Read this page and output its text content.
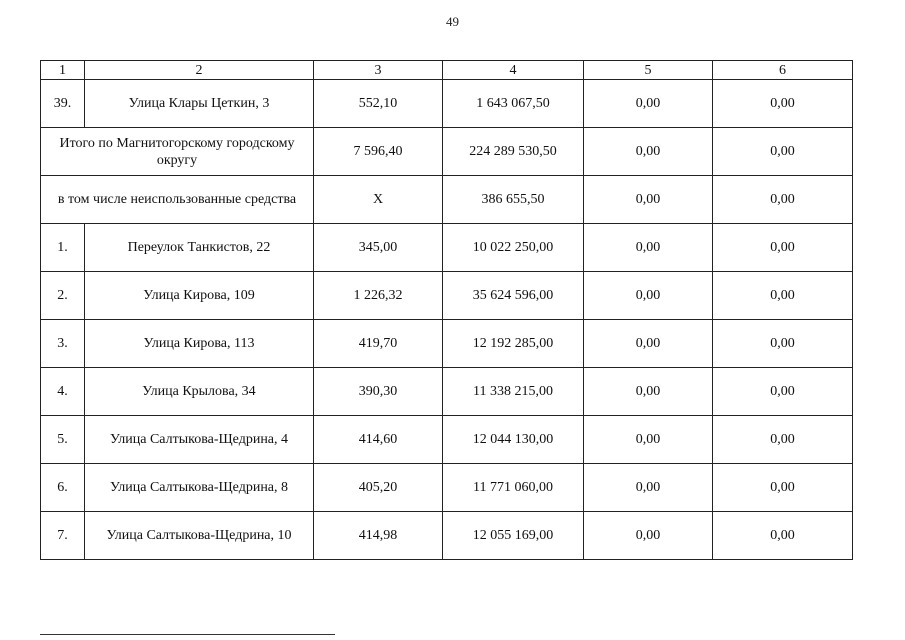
49
1	2	3	4	5	6
39.	Улица Клары Цеткин, 3	552,10	1 643 067,50	0,00	0,00
Итого по Магнитогорскому городскому округу		7 596,40	224 289 530,50	0,00	0,00
в том числе неиспользованные средства		Х	386 655,50	0,00	0,00
1.	Переулок Танкистов, 22	345,00	10 022 250,00	0,00	0,00
2.	Улица Кирова, 109	1 226,32	35 624 596,00	0,00	0,00
3.	Улица Кирова, 113	419,70	12 192 285,00	0,00	0,00
4.	Улица Крылова, 34	390,30	11 338 215,00	0,00	0,00
5.	Улица Салтыкова-Щедрина, 4	414,60	12 044 130,00	0,00	0,00
6.	Улица Салтыкова-Щедрина, 8	405,20	11 771 060,00	0,00	0,00
7.	Улица Салтыкова-Щедрина, 10	414,98	12 055 169,00	0,00	0,00
